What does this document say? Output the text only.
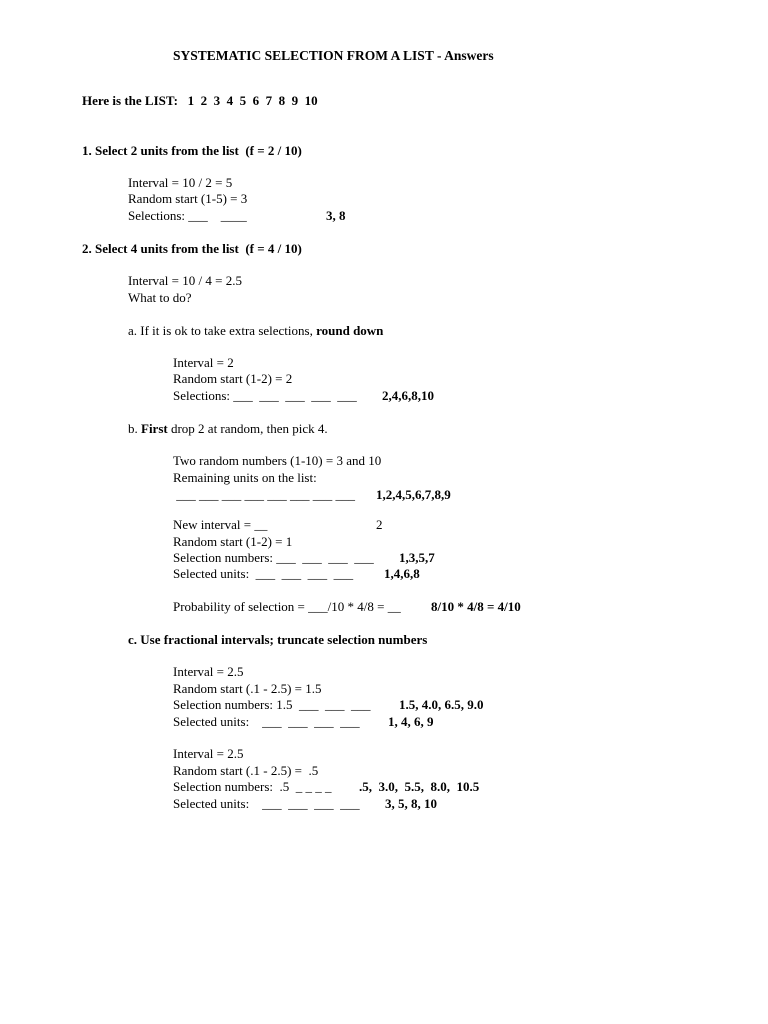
SYSTEMATIC SELECTION FROM A LIST - Answers
Here is the LIST:   1  2  3  4  5  6  7  8  9  10
1. Select 2 units from the list  (f = 2 / 10)
Interval = 10 / 2 = 5
Random start (1-5) = 3
Selections: ___    ____	3, 8
2. Select 4 units from the list  (f = 4 / 10)
Interval = 10 / 4 = 2.5
What to do?
a. If it is ok to take extra selections, round down
Interval = 2
Random start (1-2) = 2
Selections: ___  ___  ___  ___  ___ 2,4,6,8,10
b. First drop 2 at random, then pick 4.
Two random numbers (1-10) = 3 and 10
Remaining units on the list:
___ ___ ___ ___ ___ ___ ___ ___ 1,2,4,5,6,7,8,9
New interval = __	2
Random start (1-2) = 1
Selection numbers: ___  ___  ___  ___ 1,3,5,7
Selected units:  ___  ___  ___  ___ 1,4,6,8
Probability of selection = ___/10 * 4/8 = __ 8/10 * 4/8 = 4/10
c. Use fractional intervals; truncate selection numbers
Interval = 2.5
Random start (.1 - 2.5) = 1.5
Selection numbers: 1.5  ___  ___  ___ 1.5, 4.0, 6.5, 9.0
Selected units:    ___  ___  ___  ___ 1, 4, 6, 9
Interval = 2.5
Random start (.1 - 2.5) =  .5
Selection numbers:  .5  _ _ _ _ .5,  3.0,  5.5,  8.0,  10.5
Selected units:    ___  ___  ___  ___ 3, 5, 8, 10
